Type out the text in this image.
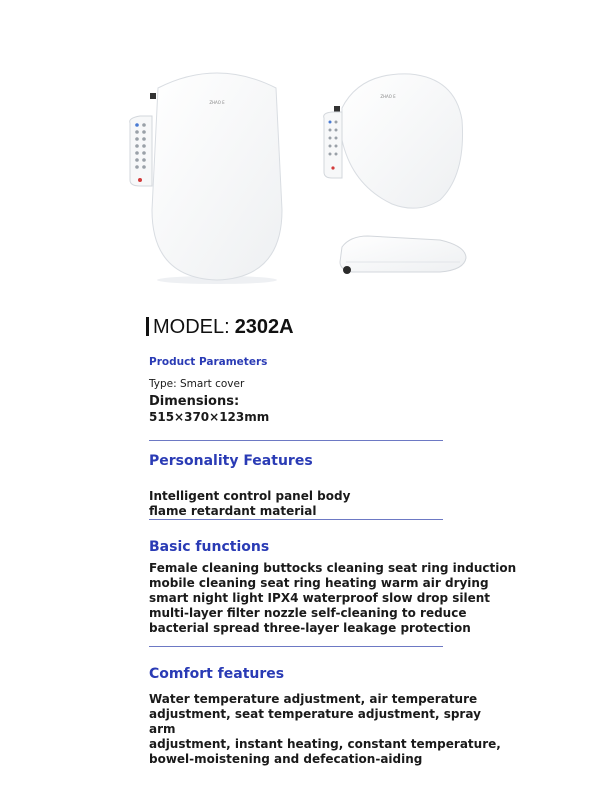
ZHAO E
ZHAO E
MODEL: 2302A
Product Parameters
Type: Smart cover
Dimensions:
515×370×123mm
Personality Features
Intelligent control panel body
flame retardant material
Basic functions
Female cleaning buttocks cleaning seat ring induction
mobile cleaning seat ring heating warm air drying
smart night light IPX4 waterproof slow drop silent
multi-layer filter nozzle self-cleaning to reduce
bacterial spread three-layer leakage protection
Comfort features
Water temperature adjustment, air temperature
adjustment, seat temperature adjustment, spray arm
adjustment, instant heating, constant temperature,
bowel-moistening and defecation-aiding
